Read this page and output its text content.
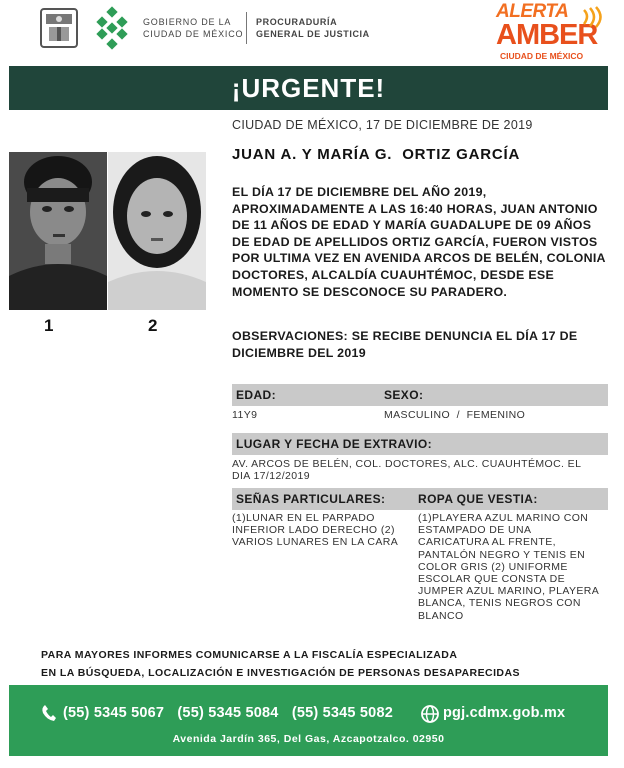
GOBIERNO DE LA
CIUDAD DE MÉXICO
PROCURADURÍA
GENERAL DE JUSTICIA
ALERTA
AMBER
CIUDAD DE MÉXICO
¡URGENTE!
CIUDAD DE MÉXICO, 17 DE DICIEMBRE DE 2019
JUAN A. Y MARÍA G.  ORTIZ GARCÍA
1	2
EL DÍA 17 DE DICIEMBRE DEL AÑO 2019, APROXIMADAMENTE A LAS 16:40 HORAS, JUAN ANTONIO DE 11 AÑOS DE EDAD Y MARÍA GUADALUPE DE 09 AÑOS DE EDAD DE APELLIDOS ORTIZ GARCÍA, FUERON VISTOS POR ULTIMA VEZ EN AVENIDA ARCOS DE BELÉN, COLONIA DOCTORES, ALCALDÍA CUAUHTÉMOC, DESDE ESE MOMENTO SE DESCONOCE SU PARADERO.
OBSERVACIONES: SE RECIBE DENUNCIA EL DÍA 17 DE DICIEMBRE DEL 2019
EDAD:	SEXO:
11Y9	MASCULINO  /  FEMENINO
LUGAR Y FECHA DE EXTRAVIO:
AV. ARCOS DE BELÉN, COL. DOCTORES, ALC. CUAUHTÉMOC. EL DIA 17/12/2019
SEÑAS PARTICULARES:	ROPA QUE VESTIA:
(1)LUNAR EN EL PARPADO INFERIOR LADO DERECHO (2) VARIOS LUNARES EN LA CARA
(1)PLAYERA AZUL MARINO CON ESTAMPADO DE UNA CARICATURA AL FRENTE, PANTALÓN NEGRO Y TENIS EN COLOR GRIS (2) UNIFORME ESCOLAR QUE CONSTA DE JUMPER AZUL MARINO, PLAYERA BLANCA, TENIS NEGROS CON BLANCO
PARA MAYORES INFORMES COMUNICARSE A LA FISCALÍA ESPECIALIZADA
EN LA BÚSQUEDA, LOCALIZACIÓN E INVESTIGACIÓN DE PERSONAS DESAPARECIDAS
(55) 5345 5067 (55) 5345 5084 (55) 5345 5082	pgj.cdmx.gob.mx
Avenida Jardín 365, Del Gas, Azcapotzalco. 02950
